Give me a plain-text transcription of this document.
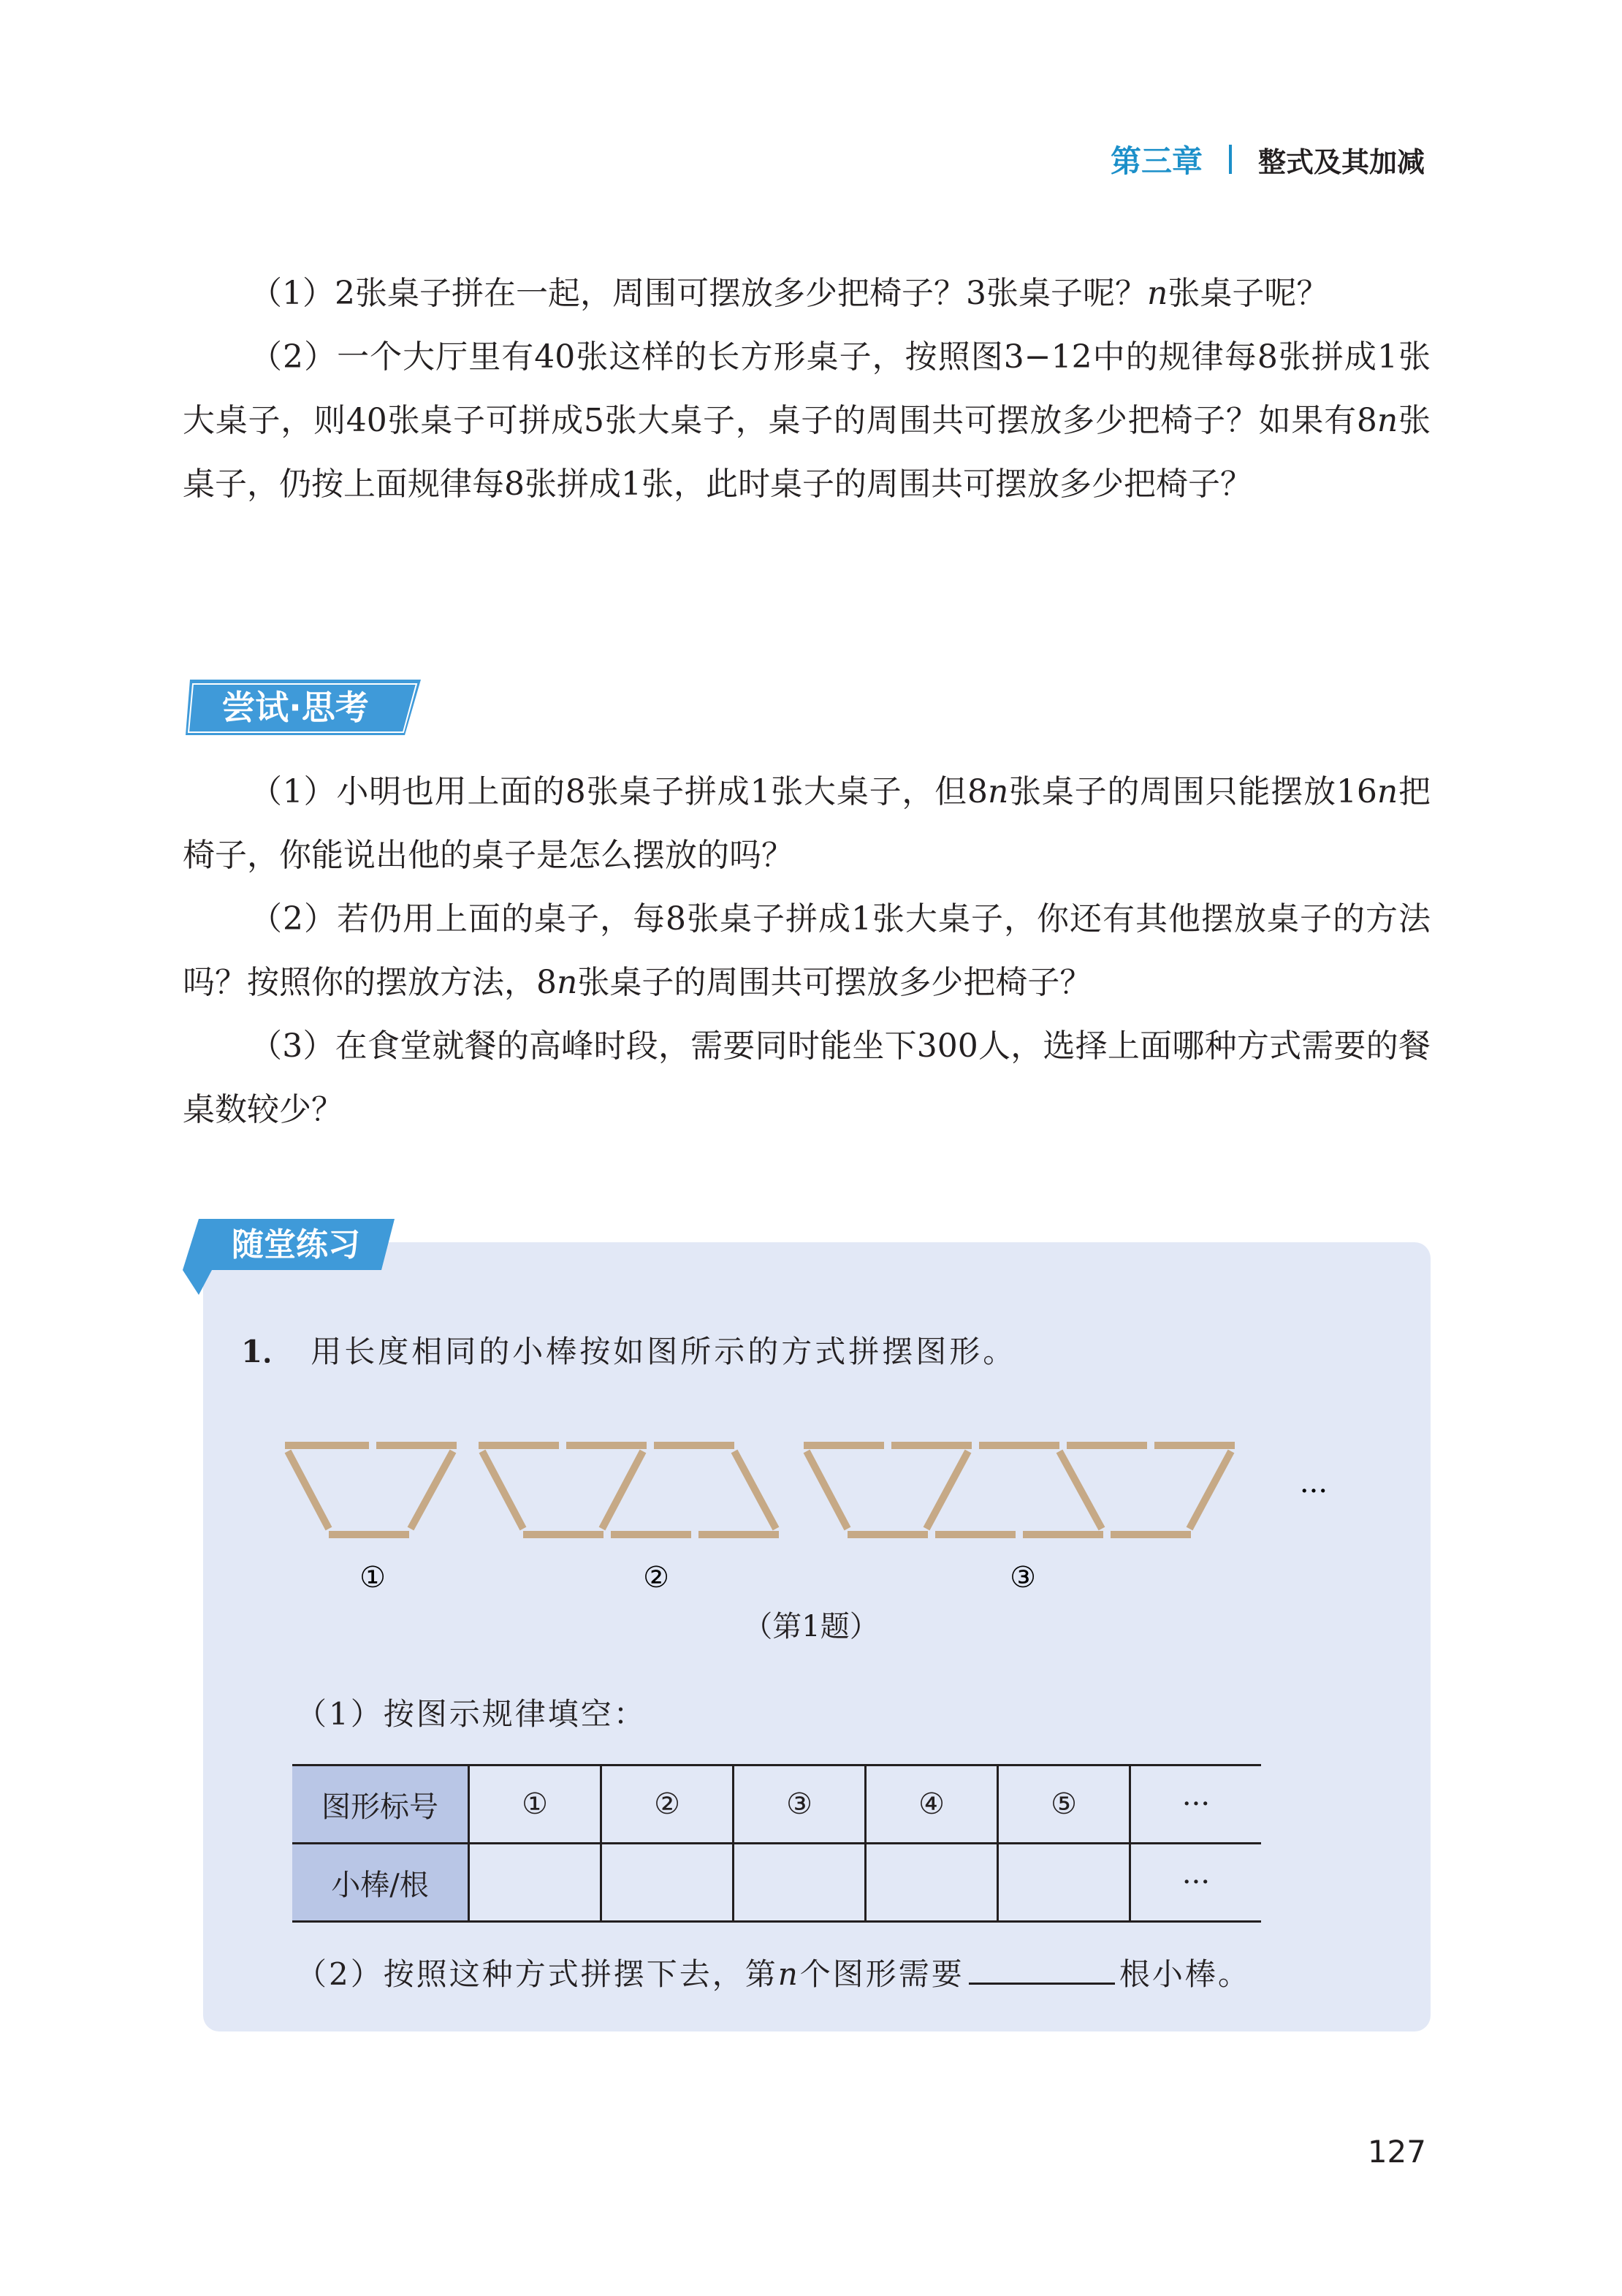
第三章 整式及其加减

（1）2张桌子拼在一起，周围可摆放多少把椅子？3张桌子呢？n张桌子呢？

（2）一个大厅里有40张这样的长方形桌子，按照图3−12中的规律每8张拼成1张大桌子，则40张桌子可拼成5张大桌子，桌子的周围共可摆放多少把椅子？如果有8n张桌子，仍按上面规律每8张拼成1张，此时桌子的周围共可摆放多少把椅子？

尝试·思考

（1）小明也用上面的8张桌子拼成1张大桌子，但8n张桌子的周围只能摆放16n把椅子，你能说出他的桌子是怎么摆放的吗？

（2）若仍用上面的桌子，每8张桌子拼成1张大桌子，你还有其他摆放桌子的方法吗？按照你的摆放方法，8n张桌子的周围共可摆放多少把椅子？

（3）在食堂就餐的高峰时段，需要同时能坐下300人，选择上面哪种方式需要的餐桌数较少？

随堂练习
1． 用长度相同的小棒按如图所示的方式拼摆图形。
①	②	③
···
（第1题）
（1）按图示规律填空：
图形标号	①	②	③	④	⑤	···
小棒/根						···
（2）按照这种方式拼摆下去，第n个图形需要	根小棒。
127
